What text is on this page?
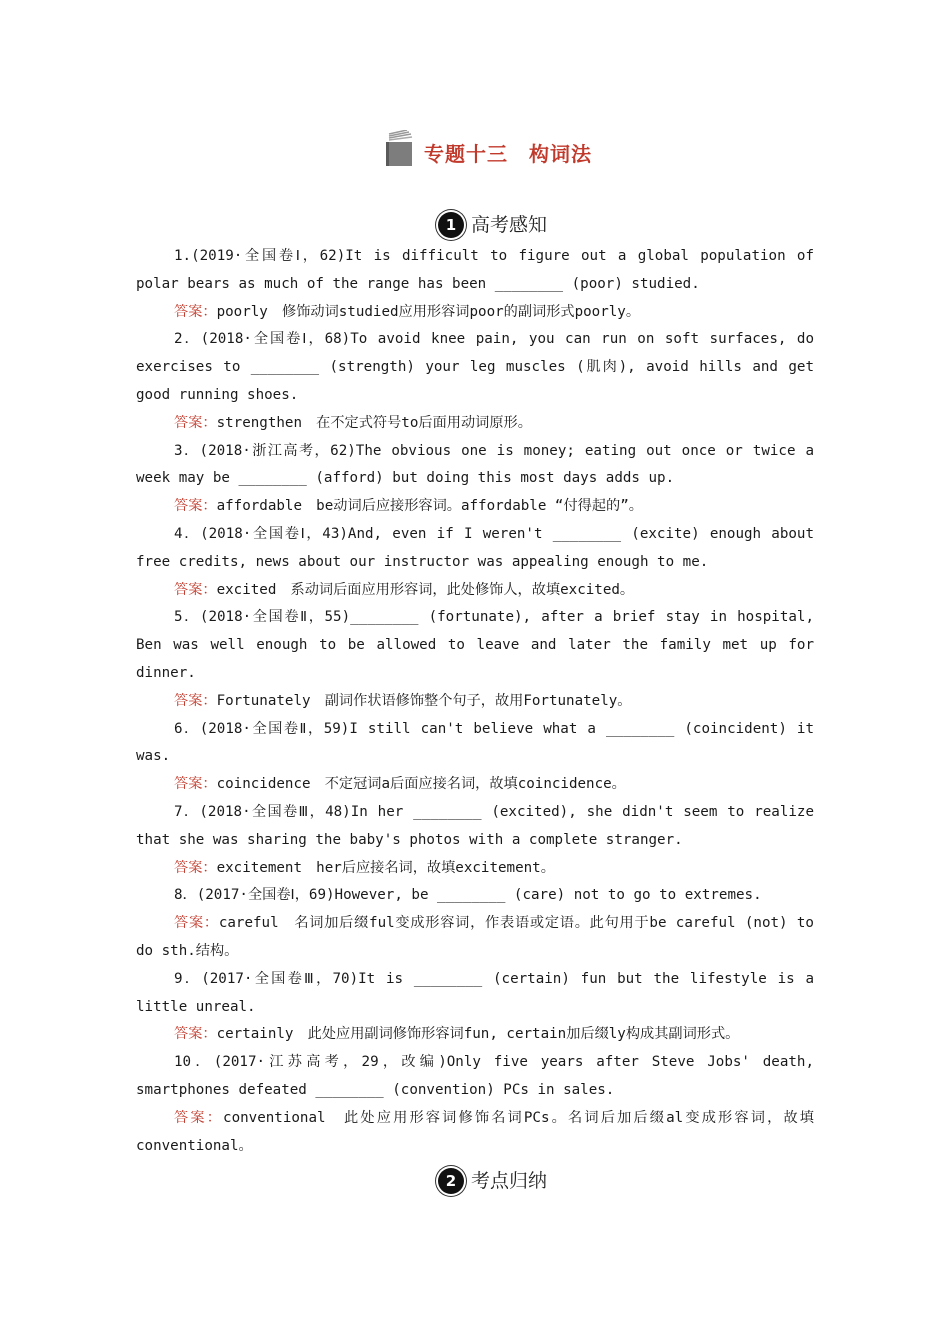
专题十三　构词法
1 高考感知

1.(2019·全国卷Ⅰ，62)It is difficult to figure out a global population of polar bears as much of the range has been ________ (poor) studied.

答案：poorly　修饰动词studied应用形容词poor的副词形式poorly。

2．(2018·全国卷Ⅰ，68)To avoid knee pain, you can run on soft surfaces, do exercises to ________ (strength) your leg muscles (肌肉), avoid hills and get good running shoes.

答案：strengthen　在不定式符号to后面用动词原形。

3．(2018·浙江高考，62)The obvious one is money; eating out once or twice a week may be ________ (afford) but doing this most days adds up.

答案：affordable　be动词后应接形容词。affordable “付得起的”。

4．(2018·全国卷Ⅰ，43)And, even if I weren't ________ (excite) enough about free credits, news about our instructor was appealing enough to me.

答案：excited　系动词后面应用形容词，此处修饰人，故填excited。

5．(2018·全国卷Ⅱ，55)________ (fortunate), after a brief stay in hospital, Ben was well enough to be allowed to leave and later the family met up for dinner.

答案：Fortunately　副词作状语修饰整个句子，故用Fortunately。

6．(2018·全国卷Ⅱ，59)I still can't believe what a ________ (coincident) it was.

答案：coincidence　不定冠词a后面应接名词，故填coincidence。

7．(2018·全国卷Ⅲ，48)In her ________ (excited), she didn't seem to realize that she was sharing the baby's photos with a complete stranger.

答案：excitement　her后应接名词，故填excitement。

8．(2017·全国卷Ⅰ，69)However, be ________ (care) not to go to extremes.

答案：careful　名词加后缀ful变成形容词，作表语或定语。此句用于be careful (not) to do sth.结构。

9．(2017·全国卷Ⅲ，70)It is ________ (certain) fun but the lifestyle is a little unreal.

答案：certainly　此处应用副词修饰形容词fun, certain加后缀ly构成其副词形式。

10．(2017·江苏高考，29，改编)Only five years after Steve Jobs' death, smartphones defeated ________ (convention) PCs in sales.

答案：conventional　此处应用形容词修饰名词PCs。名词后加后缀al变成形容词，故填conventional。

2 考点归纳
